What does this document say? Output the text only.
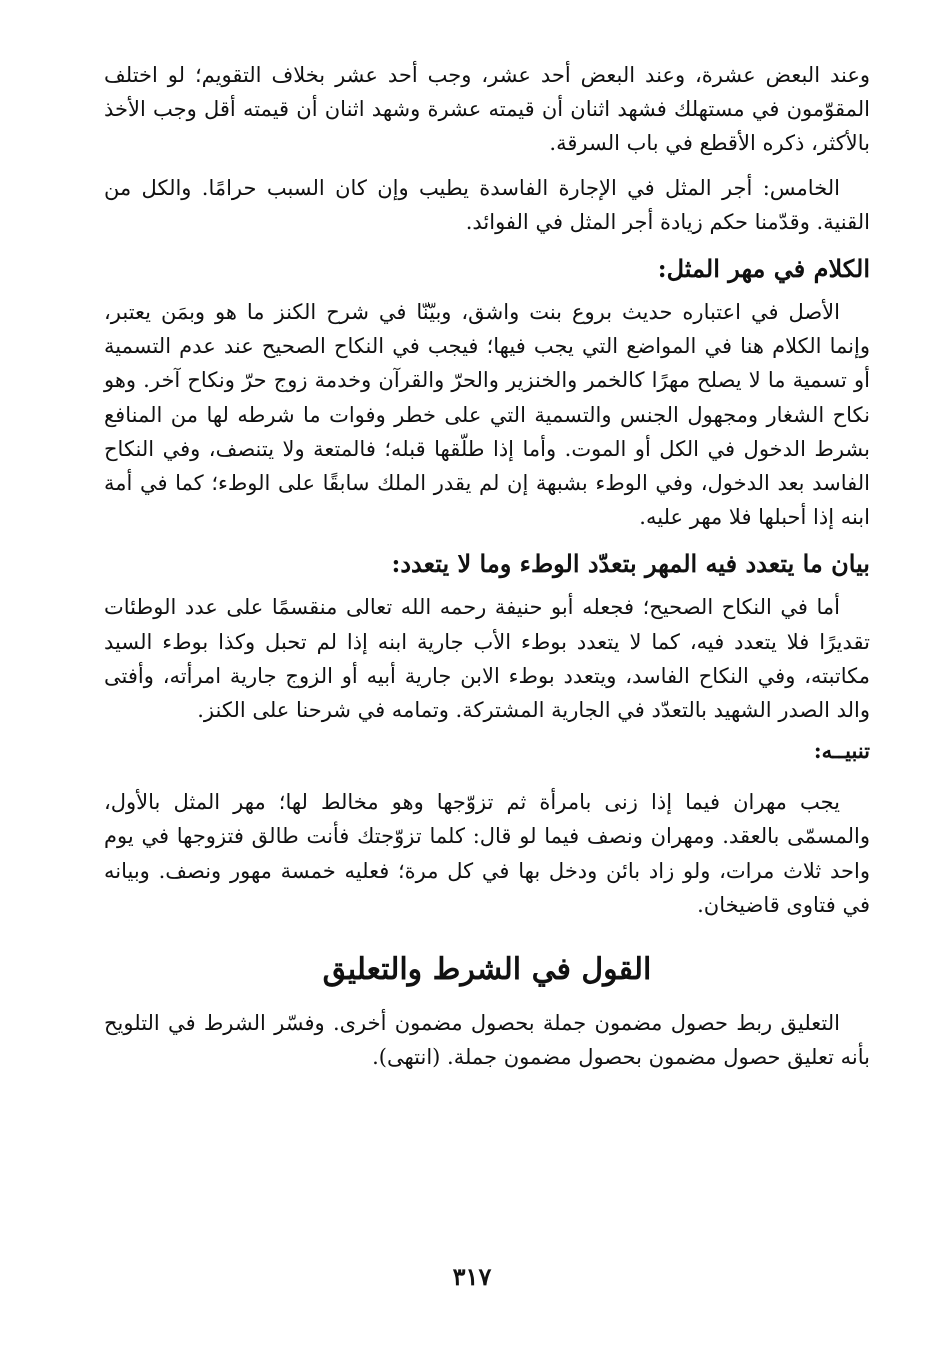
وعند البعض عشرة، وعند البعض أحد عشر، وجب أحد عشر بخلاف التقويم؛ لو اختلف المقوّمون في مستهلك فشهد اثنان أن قيمته عشرة وشهد اثنان أن قيمته أقل وجب الأخذ بالأكثر، ذكره الأقطع في باب السرقة.

الخامس: أجر المثل في الإجارة الفاسدة يطيب وإن كان السبب حرامًا. والكل من القنية. وقدّمنا حكم زيادة أجر المثل في الفوائد.

الكلام في مهر المثل:

الأصل في اعتباره حديث بروع بنت واشق، وبيّنّا في شرح الكنز ما هو وبمَن يعتبر، وإنما الكلام هنا في المواضع التي يجب فيها؛ فيجب في النكاح الصحيح عند عدم التسمية أو تسمية ما لا يصلح مهرًا كالخمر والخنزير والحرّ والقرآن وخدمة زوج حرّ ونكاح آخر. وهو نكاح الشغار ومجهول الجنس والتسمية التي على خطر وفوات ما شرطه لها من المنافع بشرط الدخول في الكل أو الموت. وأما إذا طلّقها قبله؛ فالمتعة ولا يتنصف، وفي النكاح الفاسد بعد الدخول، وفي الوطء بشبهة إن لم يقدر الملك سابقًا على الوطء؛ كما في أمة ابنه إذا أحبلها فلا مهر عليه.

بيان ما يتعدد فيه المهر بتعدّد الوطء وما لا يتعدد:

أما في النكاح الصحيح؛ فجعله أبو حنيفة رحمه الله تعالى منقسمًا على عدد الوطئات تقديرًا فلا يتعدد فيه، كما لا يتعدد بوطء الأب جارية ابنه إذا لم تحبل وكذا بوطء السيد مكاتبته، وفي النكاح الفاسد، ويتعدد بوطء الابن جارية أبيه أو الزوج جارية امرأته، وأفتى والد الصدر الشهيد بالتعدّد في الجارية المشتركة. وتمامه في شرحنا على الكنز.

تنبيــه:

يجب مهران فيما إذا زنى بامرأة ثم تزوّجها وهو مخالط لها؛ مهر المثل بالأول، والمسمّى بالعقد. ومهران ونصف فيما لو قال: كلما تزوّجتك فأنت طالق فتزوجها في يوم واحد ثلاث مرات، ولو زاد بائن ودخل بها في كل مرة؛ فعليه خمسة مهور ونصف. وبيانه في فتاوى قاضيخان.

القول في الشرط والتعليق

التعليق ربط حصول مضمون جملة بحصول مضمون أخرى. وفسّر الشرط في التلويح بأنه تعليق حصول مضمون بحصول مضمون جملة. (انتهى).

٣١٧
